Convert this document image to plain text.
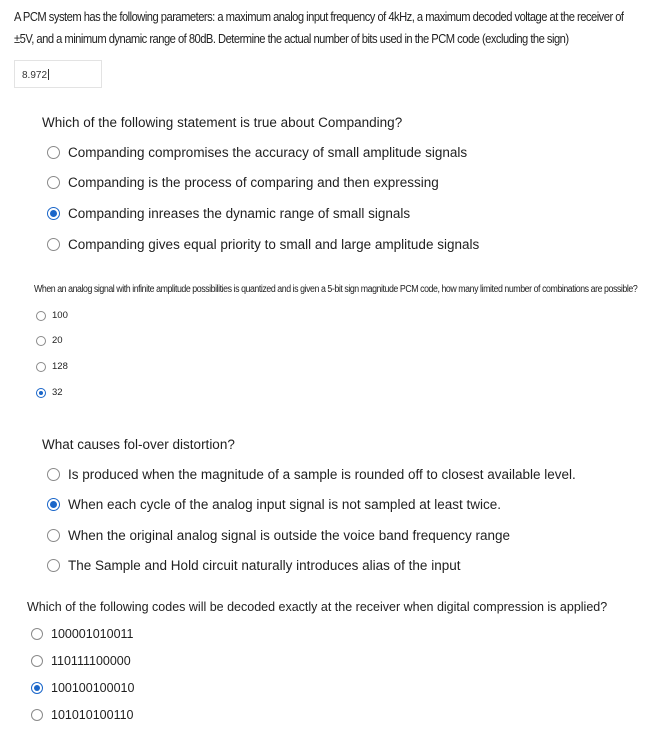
A PCM system has the following parameters: a maximum analog input frequency of 4kHz, a maximum decoded voltage at the receiver of ±5V, and a minimum dynamic range of 80dB. Determine the actual number of bits used in the PCM code (excluding the sign)
8.972
Which of the following statement is true about Companding?
Companding compromises the accuracy of small amplitude signals
Companding is the process of comparing and then expressing
Companding inreases the dynamic range of small signals
Companding gives equal priority to small and large amplitude signals
When an analog signal with infinite amplitude possibilities is quantized and is given a 5-bit sign magnitude PCM code, how many limited number of combinations are possible?
100
20
128
32
What causes fol-over distortion?
Is produced when the magnitude of a sample is rounded off to closest available level.
When each cycle of the analog input signal is not sampled at least twice.
When the original analog signal is outside the voice band frequency range
The Sample and Hold circuit naturally introduces alias of the input
Which of the following codes will be decoded exactly at the receiver when digital compression is applied?
100001010011
110111100000
100100100010
101010100110
